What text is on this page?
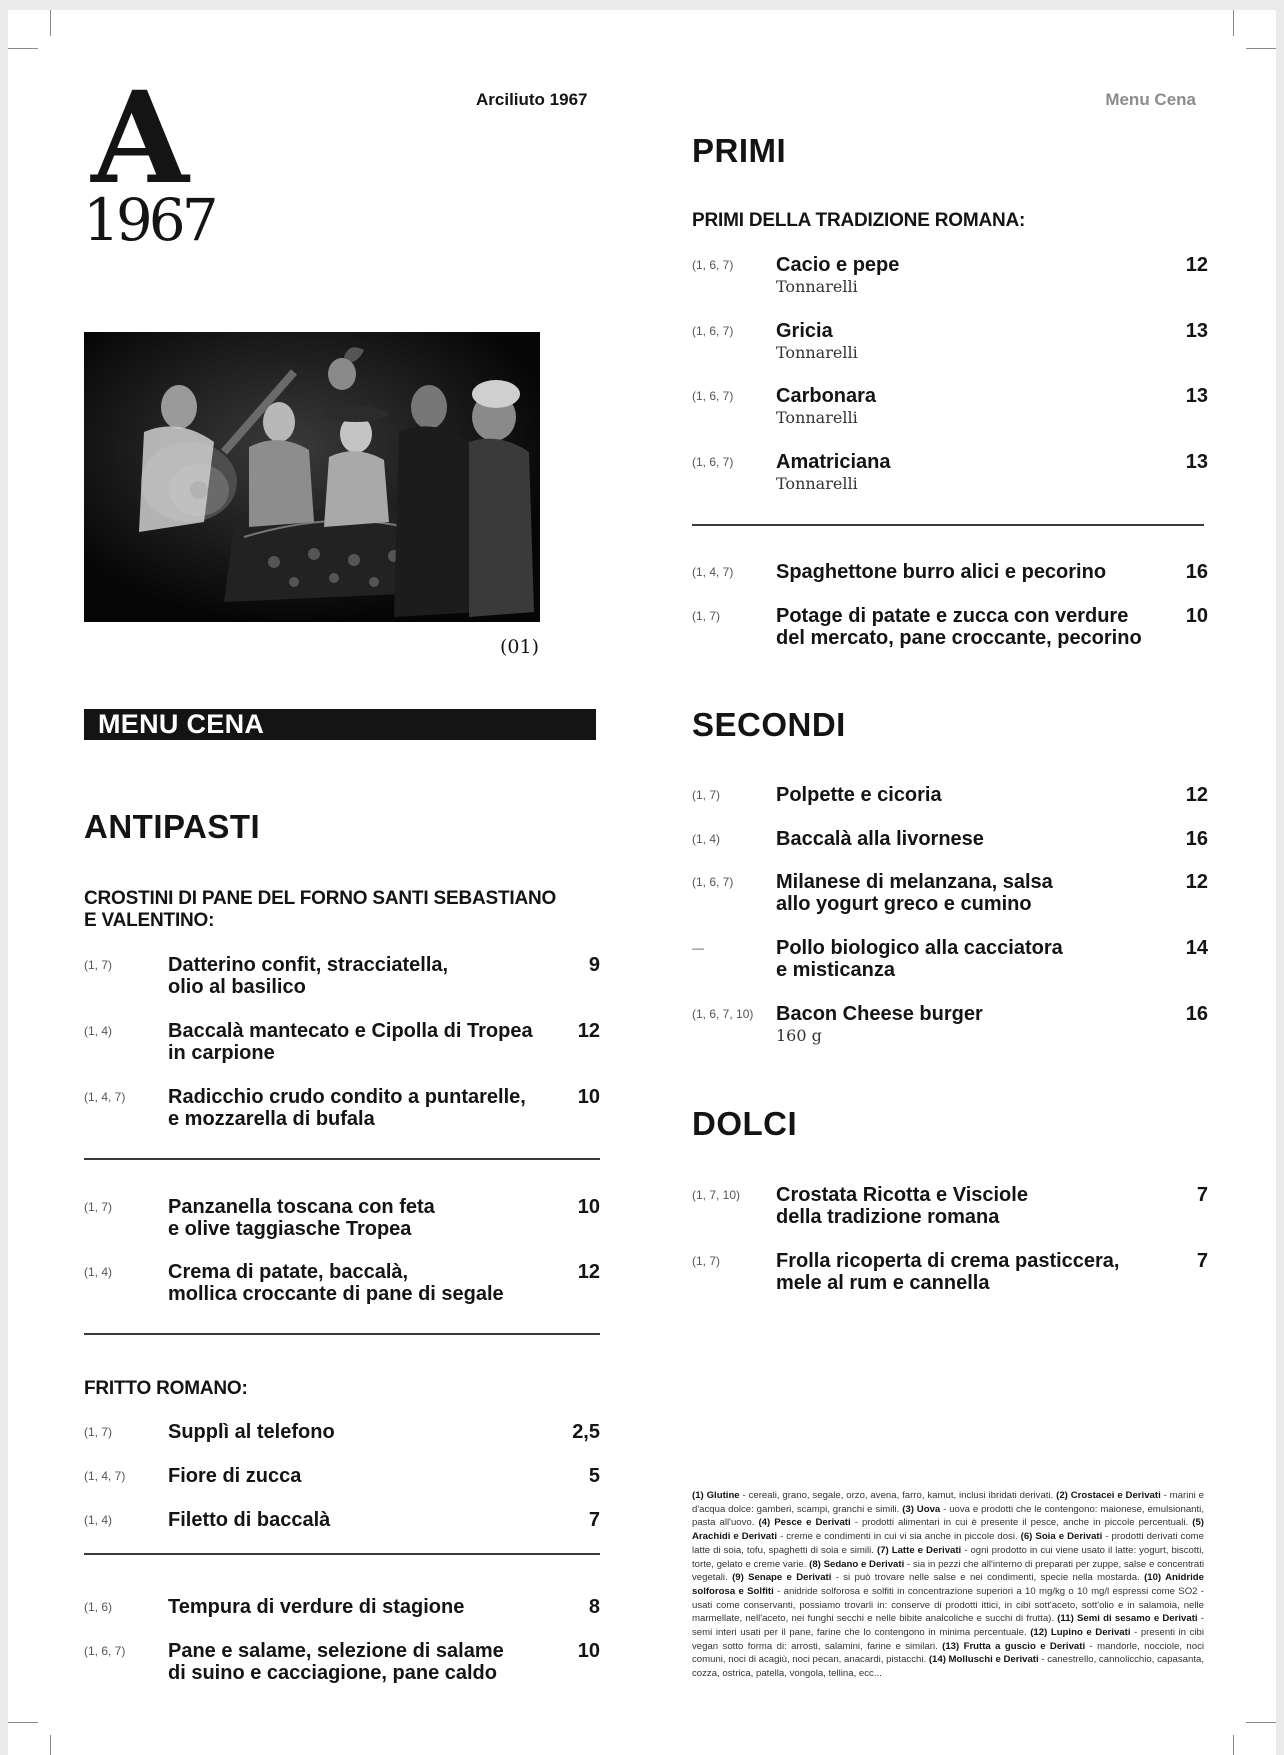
A
1967
Arciliuto 1967	Menu Cena
(01)
MENU CENA
ANTIPASTI
CROSTINI DI PANE DEL FORNO SANTI SEBASTIANO
E VALENTINO:
(1, 7)	Datterino confit, stracciatella,
olio al basilico
9
(1, 4)	Baccalà mantecato e Cipolla di Tropea
in carpione
12
(1, 4, 7) Radicchio crudo condito a puntarelle,
e mozzarella di bufala
10
(1, 7)	Panzanella toscana con feta
e olive taggiasche Tropea
10
(1, 4)	Crema di patate, baccalà,
mollica croccante di pane di segale
12
FRITTO ROMANO:
(1, 7)	Supplì al telefono	2,5
(1, 4, 7) Fiore di zucca	5
(1, 4)	Filetto di baccalà	7
(1, 6)	Tempura di verdure di stagione	8
(1, 6, 7) Pane e salame, selezione di salame
di suino e cacciagione, pane caldo
10
PRIMI
PRIMI DELLA TRADIZIONE ROMANA:
(1, 6, 7) Cacio e pepe
Tonnarelli
12
(1, 6, 7) Gricia
Tonnarelli
13
(1, 6, 7) Carbonara
Tonnarelli
13
(1, 6, 7) Amatriciana
Tonnarelli
13
(1, 4, 7) Spaghettone burro alici e pecorino	16
(1, 7)	Potage di patate e zucca con verdure
del mercato, pane croccante, pecorino
10
SECONDI
(1, 7)	Polpette e cicoria	12
(1, 4)	Baccalà alla livornese	16
(1, 6, 7) Milanese di melanzana, salsa
allo yogurt greco e cumino
12
—	Pollo biologico alla cacciatora
e misticanza
14
(1, 6, 7, 10) Bacon Cheese burger
160 g
16
DOLCI
(1, 7, 10) Crostata Ricotta e Visciole
della tradizione romana
7
(1, 7)	Frolla ricoperta di crema pasticcera,
mele al rum e cannella
7
(1) Glutine - cereali, grano, segale, orzo, avena, farro, kamut, inclusi ibridati derivati. (2) Crostacei e Derivati - marini e d'acqua dolce: gamberi, scampi, granchi e simili. (3) Uova - uova e prodotti che le contengono: maionese, emulsionanti, pasta all'uovo. (4) Pesce e Derivati - prodotti alimentari in cui è presente il pesce, anche in piccole percentuali. (5) Arachidi e Derivati - creme e condimenti in cui vi sia anche in piccole dosi. (6) Soia e Derivati - prodotti derivati come latte di soia, tofu, spaghetti di soia e simili. (7) Latte e Derivati - ogni prodotto in cui viene usato il latte: yogurt, biscotti, torte, gelato e creme varie. (8) Sedano e Derivati - sia in pezzi che all'interno di preparati per zuppe, salse e concentrati vegetali. (9) Senape e Derivati - si può trovare nelle salse e nei condimenti, specie nella mostarda. (10) Anidride solforosa e Solfiti - anidride solforosa e solfiti in concentrazione superiori a 10 mg/kg o 10 mg/l espressi come SO2 - usati come conservanti, possiamo trovarli in: conserve di prodotti ittici, in cibi sott'aceto, sott'olio e in salamoia, nelle marmellate, nell'aceto, nei funghi secchi e nelle bibite analcoliche e succhi di frutta). (11) Semi di sesamo e Derivati - semi interi usati per il pane, farine che lo contengono in minima percentuale. (12) Lupino e Derivati - presenti in cibi vegan sotto forma di: arrosti, salamini, farine e similari. (13) Frutta a guscio e Derivati - mandorle, nocciole, noci comuni, noci di acagiù, noci pecan, anacardi, pistacchi. (14) Molluschi e Derivati - canestrello, cannolicchio, capasanta, cozza, ostrica, patella, vongola, tellina, ecc...
